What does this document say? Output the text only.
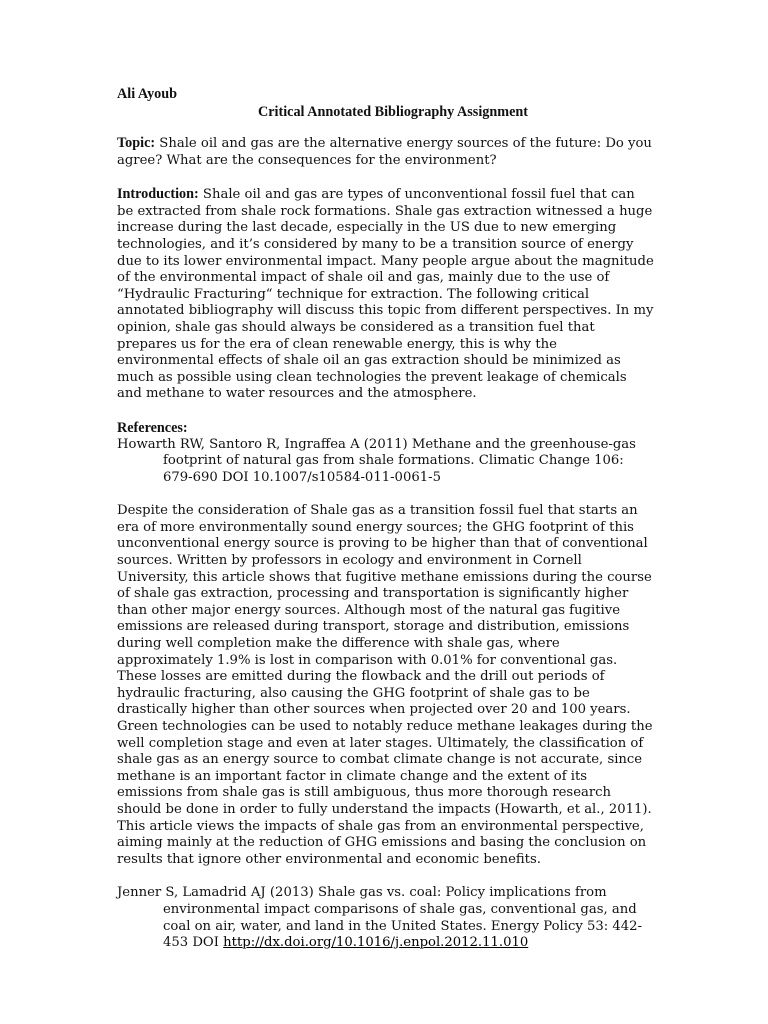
Ali Ayoub
Critical Annotated Bibliography Assignment

Topic: Shale oil and gas are the alternative energy sources of the future: Do you agree? What are the consequences for the environment?

Introduction: Shale oil and gas are types of unconventional fossil fuel that can be extracted from shale rock formations. Shale gas extraction witnessed a huge increase during the last decade, especially in the US due to new emerging technologies, and it’s considered by many to be a transition source of energy due to its lower environmental impact. Many people argue about the magnitude of the environmental impact of shale oil and gas, mainly due to the use of “Hydraulic Fracturing“ technique for extraction. The following critical annotated bibliography will discuss this topic from different perspectives. In my opinion, shale gas should always be considered as a transition fuel that prepares us for the era of clean renewable energy, this is why the environmental effects of shale oil an gas extraction should be minimized as much as possible using clean technologies the prevent leakage of chemicals and methane to water resources and the atmosphere.

References:

Howarth RW, Santoro R, Ingraffea A (2011) Methane and the greenhouse-gas footprint of natural gas from shale formations. Climatic Change 106: 679-690 DOI 10.1007/s10584-011-0061-5

Despite the consideration of Shale gas as a transition fossil fuel that starts an era of more environmentally sound energy sources; the GHG footprint of this unconventional energy source is proving to be higher than that of conventional sources. Written by professors in ecology and environment in Cornell University, this article shows that fugitive methane emissions during the course of shale gas extraction, processing and transportation is significantly higher than other major energy sources. Although most of the natural gas fugitive emissions are released during transport, storage and distribution, emissions during well completion make the difference with shale gas, where approximately 1.9% is lost in comparison with 0.01% for conventional gas. These losses are emitted during the flowback and the drill out periods of hydraulic fracturing, also causing the GHG footprint of shale gas to be drastically higher than other sources when projected over 20 and 100 years. Green technologies can be used to notably reduce methane leakages during the well completion stage and even at later stages. Ultimately, the classification of shale gas as an energy source to combat climate change is not accurate, since methane is an important factor in climate change and the extent of its emissions from shale gas is still ambiguous, thus more thorough research should be done in order to fully understand the impacts (Howarth, et al., 2011). This article views the impacts of shale gas from an environmental perspective, aiming mainly at the reduction of GHG emissions and basing the conclusion on results that ignore other environmental and economic benefits.

Jenner S, Lamadrid AJ (2013) Shale gas vs. coal: Policy implications from environmental impact comparisons of shale gas, conventional gas, and coal on air, water, and land in the United States. Energy Policy 53: 442-453 DOI http://dx.doi.org/10.1016/j.enpol.2012.11.010
